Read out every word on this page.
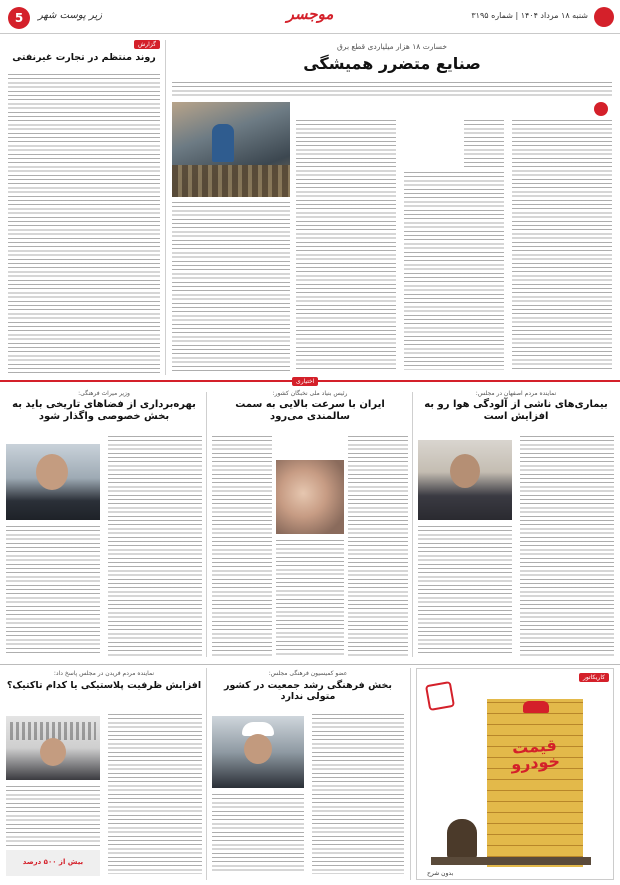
شنبه ۱۸ مرداد ۱۴۰۴ | شماره ۳۱۹۵
موجسر
زیر پوست شهر
5
گزارش
روند منتظم در تجارت غیرنفتی
خسارت ۱۸ هزار میلیاردی قطع برق
صنایع متضرر همیشگی
اختیاری
نماینده مردم اصفهان در مجلس:
بیماری‌های ناشی از آلودگی هوا رو به افزایش است
رئیس بنیاد ملی نخبگان کشور:
ایران با سرعت بالایی به سمت سالمندی می‌رود
وزیر میراث فرهنگی:
بهره‌برداری از فضاهای تاریخی باید به بخش خصوصی واگذار شود
کاریکاتور
قیمت خودرو
بدون شرح
عضو کمیسیون فرهنگی مجلس:
بخش فرهنگی رشد جمعیت در کشور متولی ندارد
نماینده مردم فریدن در مجلس پاسخ داد:
افزایش ظرفیت پلاستیکی یا کدام تاکتیک؟
بیش از ۵۰۰ درصد
